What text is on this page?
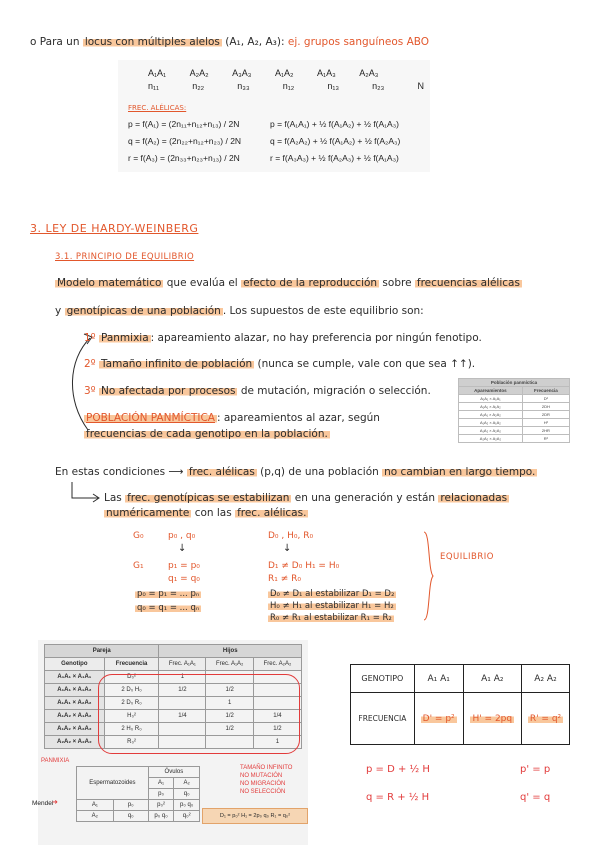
o Para un locus con múltiples alelos (A₁, A₂, A₃): ej. grupos sanguíneos ABO
A₁A₁	A₂A₂	A₃A₃	A₁A₂	A₁A₃	A₂A₃
n₁₁	n₂₂	n₃₃	n₁₂	n₁₃	n₂₃	N
FREC. ALÉLICAS:
p = f(A₁) = (2n₁₁+n₁₂+n₁₃) / 2N
q = f(A₂) = (2n₂₂+n₁₂+n₂₃) / 2N
r = f(A₃) = (2n₃₃+n₂₃+n₁₃) / 2N
p = f(A₁A₁) + ½ f(A₁A₂) + ½ f(A₁A₃)
q = f(A₂A₂) + ½ f(A₁A₂) + ½ f(A₂A₃)
r = f(A₃A₃) + ½ f(A₂A₃) + ½ f(A₁A₃)
3. LEY DE HARDY-WEINBERG
3.1. PRINCIPIO DE EQUILIBRIO
Modelo matemático que evalúa el efecto de la reproducción sobre frecuencias alélicas
y genotípicas de una población . Los supuestos de este equilibrio son:
1º Panmixia : apareamiento alazar, no hay preferencia por ningún fenotipo.
2º Tamaño infinito de población (nunca se cumple, vale con que sea ↑↑).
3º No afectada por procesos de mutación, migración o selección.
POBLACIÓN PANMÍCTICA : apareamientos al azar, según
frecuencias de cada genotipo en la población.
Población panmíctica	
Apareamientos	Frecuencia
A₁A₁ × A₁A₁	D²
A₁A₁ × A₁A₂	2DH
A₁A₁ × A₂A₂	2DR
A₁A₂ × A₁A₂	H²
A₁A₂ × A₂A₂	2HR
A₂A₂ × A₂A₂	R²
En estas condiciones ⟶ frec. alélicas (p,q) de una población no cambian en largo tiempo.
Las frec. genotípicas se estabilizan en una generación y están relacionadas
numéricamente con las frec. alélicas.
G₀	p₀ , q₀
↓
G₁	p₁ = p₀
q₁ = q₀
p₀ = p₁ = ... pₙ
q₀ = q₁ = ... qₙ
D₀ , H₀, R₀
↓
D₁ ≠ D₀ H₁ = H₀
R₁ ≠ R₀
D₀ ≠ D₁ al estabilizar D₁ = D₂
H₀ ≠ H₁ al estabilizar H₁ = H₂
R₀ ≠ R₁ al estabilizar R₁ = R₂
EQUILIBRIO
Pareja		Hijos		
Genotipo	Frecuencia	Frec. A₁A₁	Frec. A₁A₂	Frec. A₂A₂
A₁A₁ × A₁A₁	D₀²	1		
A₁A₁ × A₁A₂	2 D₀ H₀	1/2	1/2	
A₁A₁ × A₂A₂	2 D₀ R₀		1	
A₁A₂ × A₁A₂	H₀²	1/4	1/2	1/4
A₁A₂ × A₂A₂	2 H₀ R₀		1/2	1/2
A₂A₂ × A₂A₂	R₀²			1
PANMIXIA
Mendel
➜
Espermatozoides		Óvulos	
		A₁	A₂
		p₀	q₀
A₁	p₀	p₀²	p₀ q₀
A₂	q₀	p₀ q₀	q₀²
TAMAÑO INFINITO
NO MUTACIÓN
NO MIGRACIÓN
NO SELECCIÓN
D₁ = p₀² H₁ = 2p₀ q₀ R₁ = q₀²
GENOTIPO	A₁ A₁	A₁ A₂	A₂ A₂
FRECUENCIA	D' = p²	H' = 2pq	R' = q²
p = D + ½ H
q = R + ½ H
p' = p
q' = q
